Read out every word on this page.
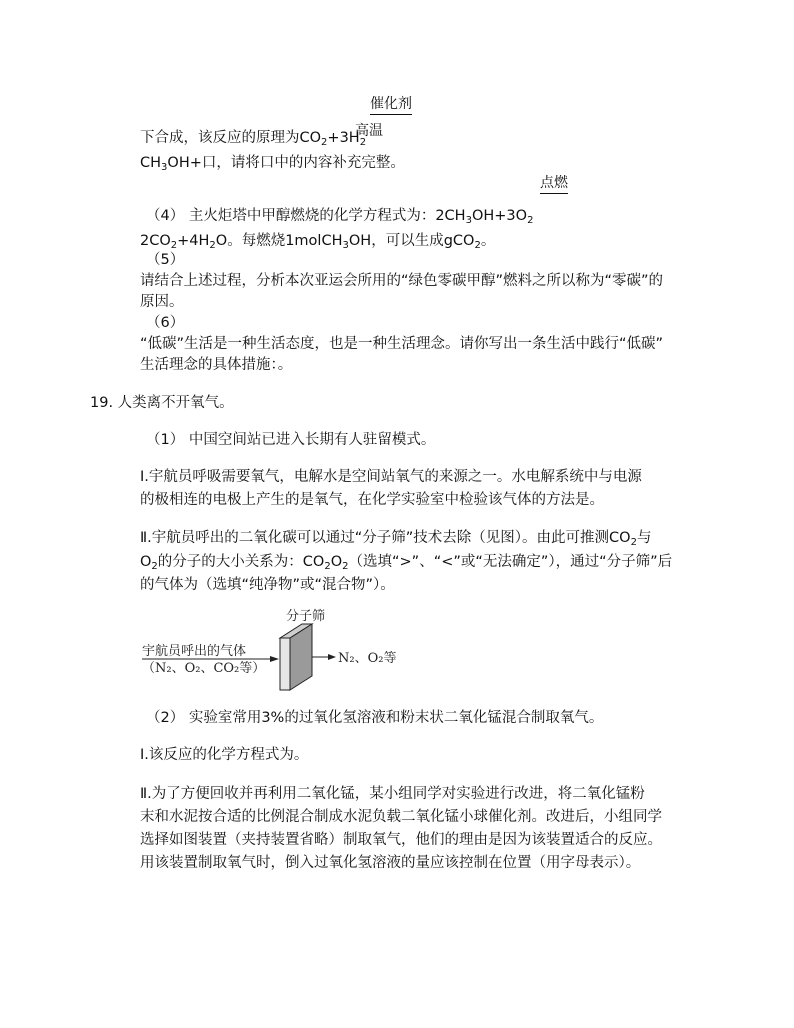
催化剂
下合成，该反应的原理为$CO_2+3H_2$
高温
$CH_3OH+$口，请将口中的内容补充完整。
点燃
（4） 主火炬塔中甲醇燃烧的化学方程式为：$2CH_3OH+3O_2$
$2CO_2+4H_2O$。每燃烧1molCH$_3$OH，可以生成gCO$_2$。
（5）
请结合上述过程，分析本次亚运会所用的“绿色零碳甲醇”燃料之所以称为“零碳”的
原因。
（6）
“低碳”生活是一种生活态度，也是一种生活理念。请你写出一条生活中践行“低碳”
生活理念的具体措施：。
19. 人类离不开氧气。
（1） 中国空间站已进入长期有人驻留模式。
Ⅰ.宇航员呼吸需要氧气，电解水是空间站氧气的来源之一。水电解系统中与电源
的极相连的电极上产生的是氧气，在化学实验室中检验该气体的方法是。
Ⅱ.宇航员呼出的二氧化碳可以通过“分子筛”技术去除（见图）。由此可推测$CO_2$与
$O_2$的分子的大小关系为：$CO_2O_2$（选填“>”、“<”或“无法确定”），通过“分子筛”后
的气体为（选填“纯净物”或“混合物”）。
分子筛
宇航员呼出的气体
（N₂、O₂、CO₂等）
N₂、O₂等
（2） 实验室常用3%的过氧化氢溶液和粉末状二氧化锰混合制取氧气。
Ⅰ.该反应的化学方程式为。
Ⅱ.为了方便回收并再利用二氧化锰，某小组同学对实验进行改进，将二氧化锰粉
末和水泥按合适的比例混合制成水泥负载二氧化锰小球催化剂。改进后，小组同学
选择如图装置（夹持装置省略）制取氧气，他们的理由是因为该装置适合的反应。
用该装置制取氧气时，倒入过氧化氢溶液的量应该控制在位置（用字母表示）。
